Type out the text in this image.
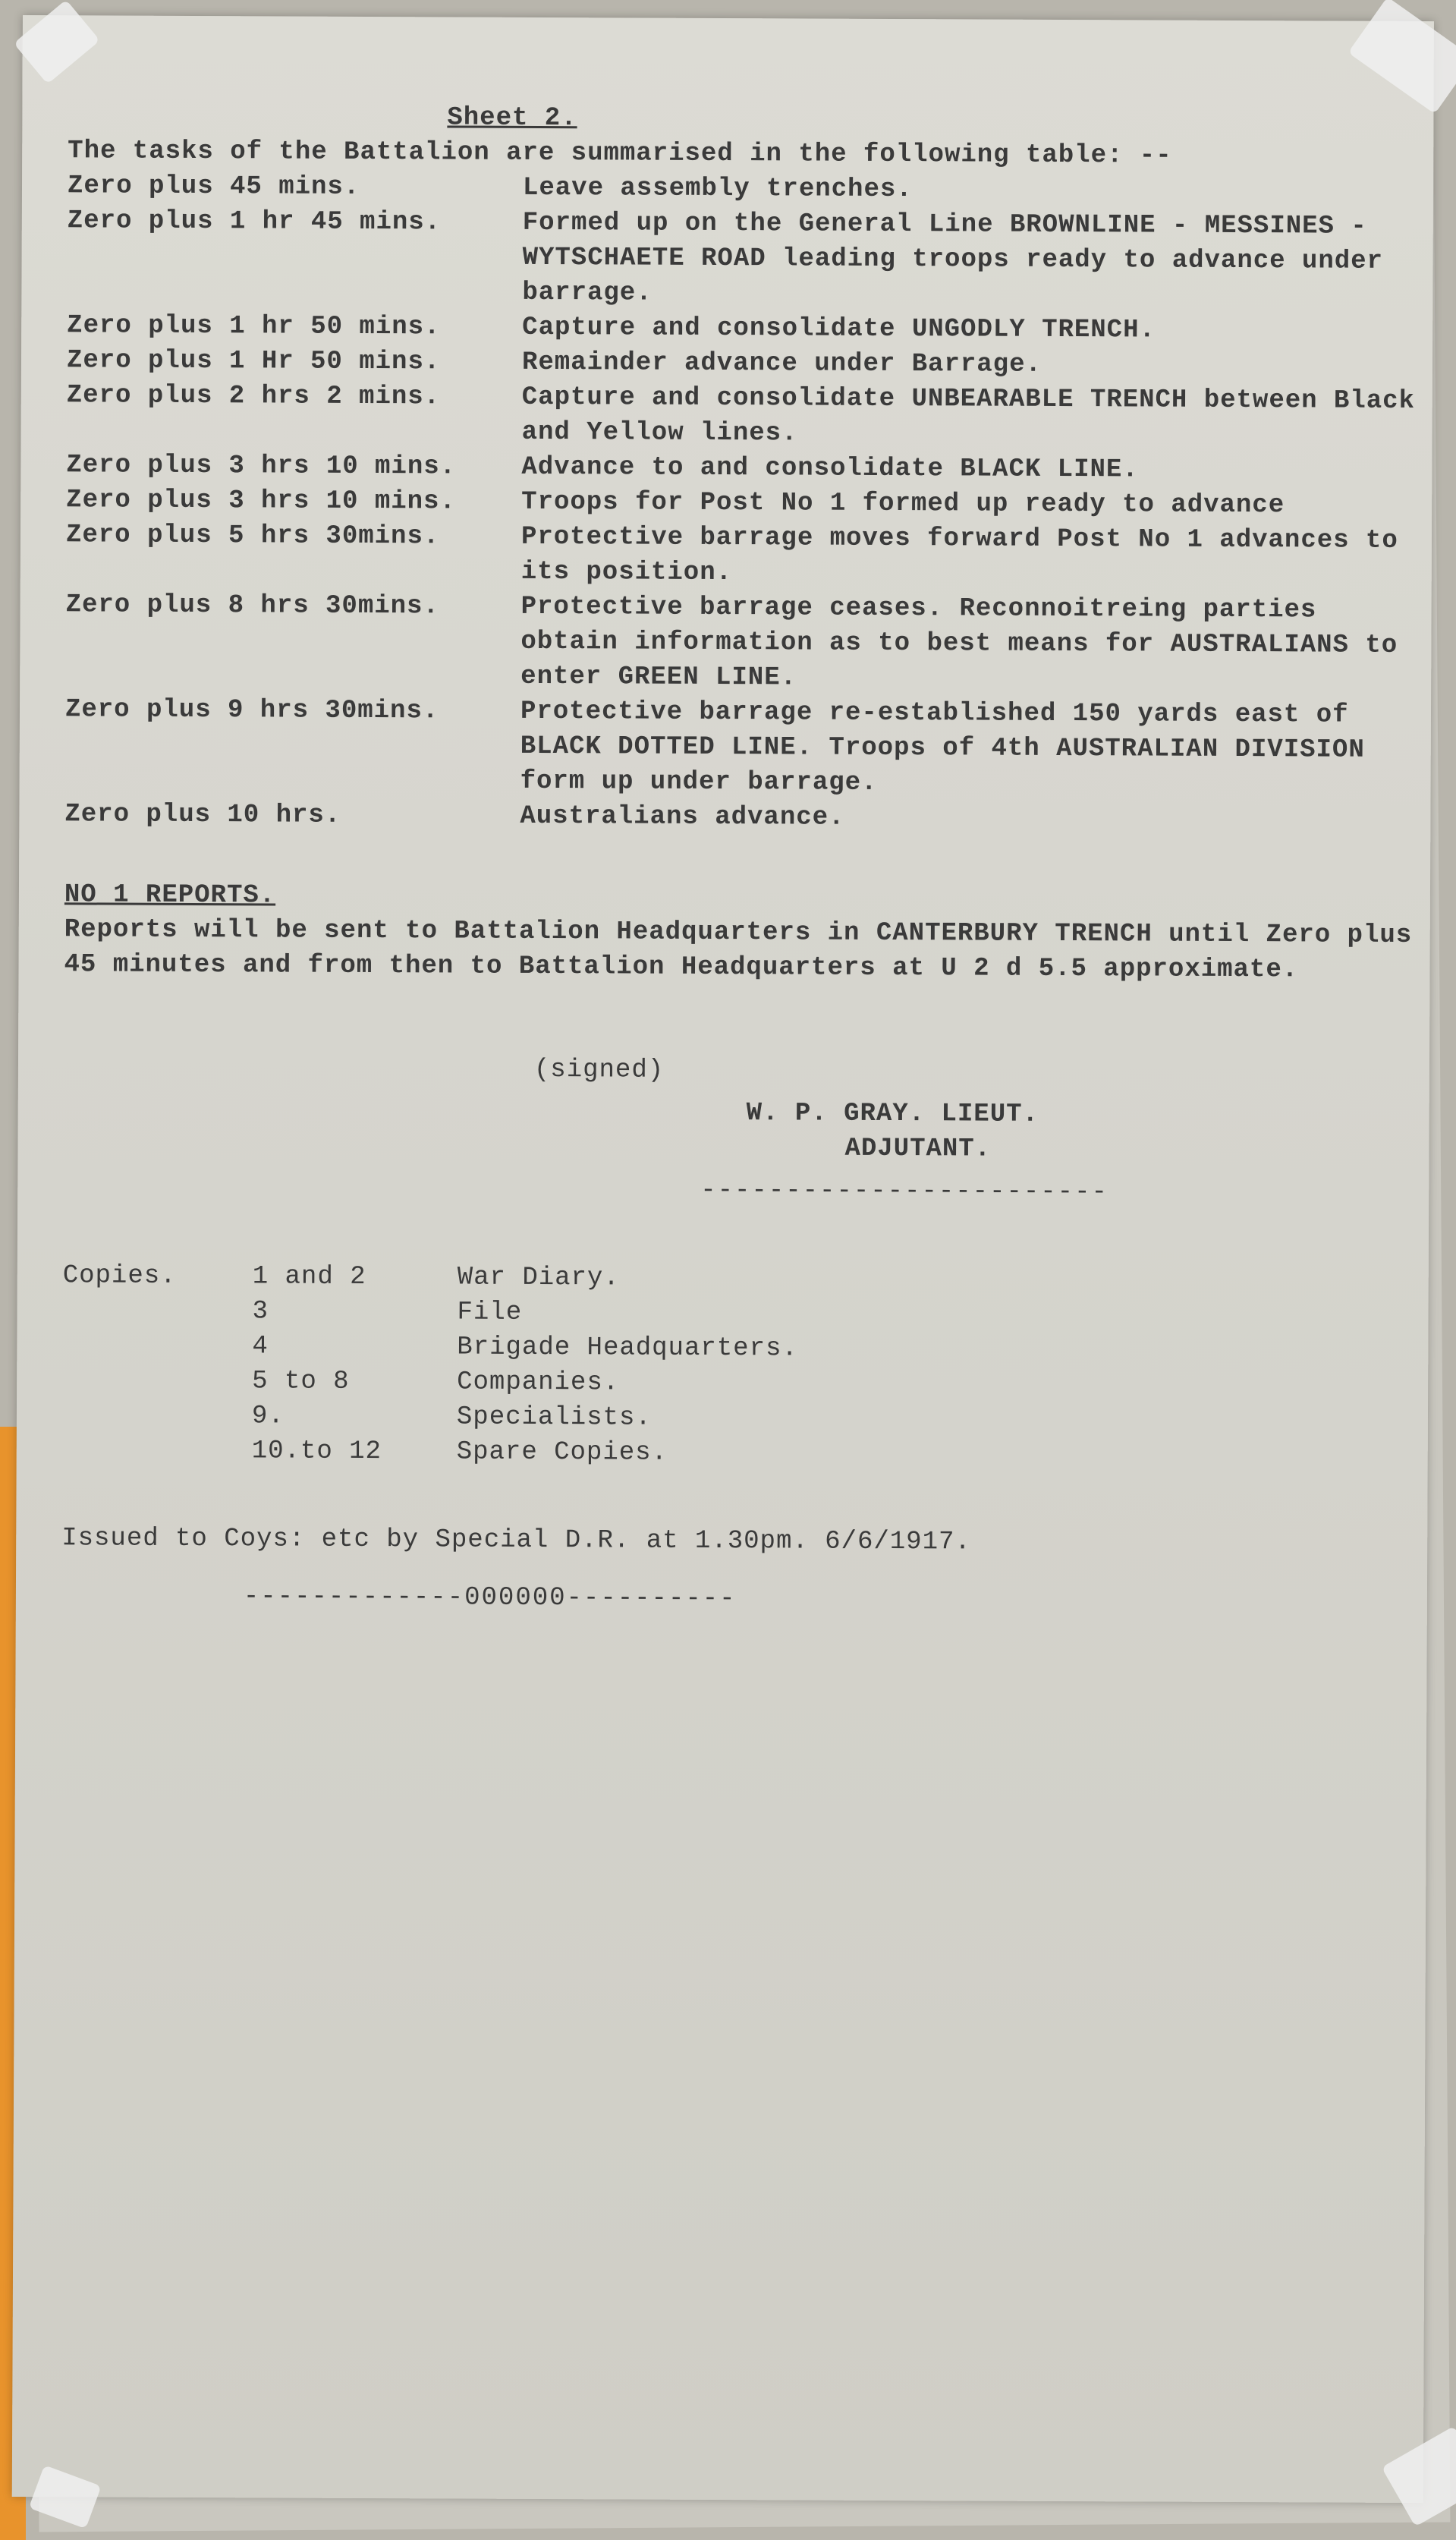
Sheet 2.
The tasks of the Battalion are summarised in the following table: --
Zero plus 45 mins.	Leave assembly trenches.
Zero plus 1 hr 45 mins.	Formed up on the General Line BROWNLINE - MESSINES - WYTSCHAETE ROAD leading troops ready to advance under barrage.
Zero plus 1 hr 50 mins.	Capture and consolidate UNGODLY TRENCH.
Zero plus 1 Hr 50 mins.	Remainder advance under Barrage.
Zero plus 2 hrs 2 mins.	Capture and consolidate UNBEARABLE TRENCH between Black and Yellow lines.
Zero plus 3 hrs 10 mins.	Advance to and consolidate BLACK LINE.
Zero plus 3 hrs 10 mins.	Troops for Post No 1 formed up ready to advance
Zero plus 5 hrs 30mins.	Protective barrage moves forward Post No 1 advances to its position.
Zero plus 8 hrs 30mins.	Protective barrage ceases. Reconnoitreing parties obtain information as to best means for AUSTRALIANS to enter GREEN LINE.
Zero plus 9 hrs 30mins.	Protective barrage re-established 150 yards east of BLACK DOTTED LINE. Troops of 4th AUSTRALIAN DIVISION form up under barrage.
Zero plus 10 hrs.	Australians advance.
NO 1 REPORTS.
Reports will be sent to Battalion Headquarters in CANTERBURY TRENCH until Zero plus 45 minutes and from then to Battalion Headquarters at U 2 d 5.5 approximate.
(signed)
W. P. GRAY. LIEUT.
ADJUTANT.
------------------------
Copies.	1 and 2	War Diary.
3	File
4	Brigade Headquarters.
5 to 8	Companies.
9.	Specialists.
10.to 12	Spare Copies.
Issued to Coys: etc by Special D.R. at 1.30pm. 6/6/1917.
-------------000000----------
